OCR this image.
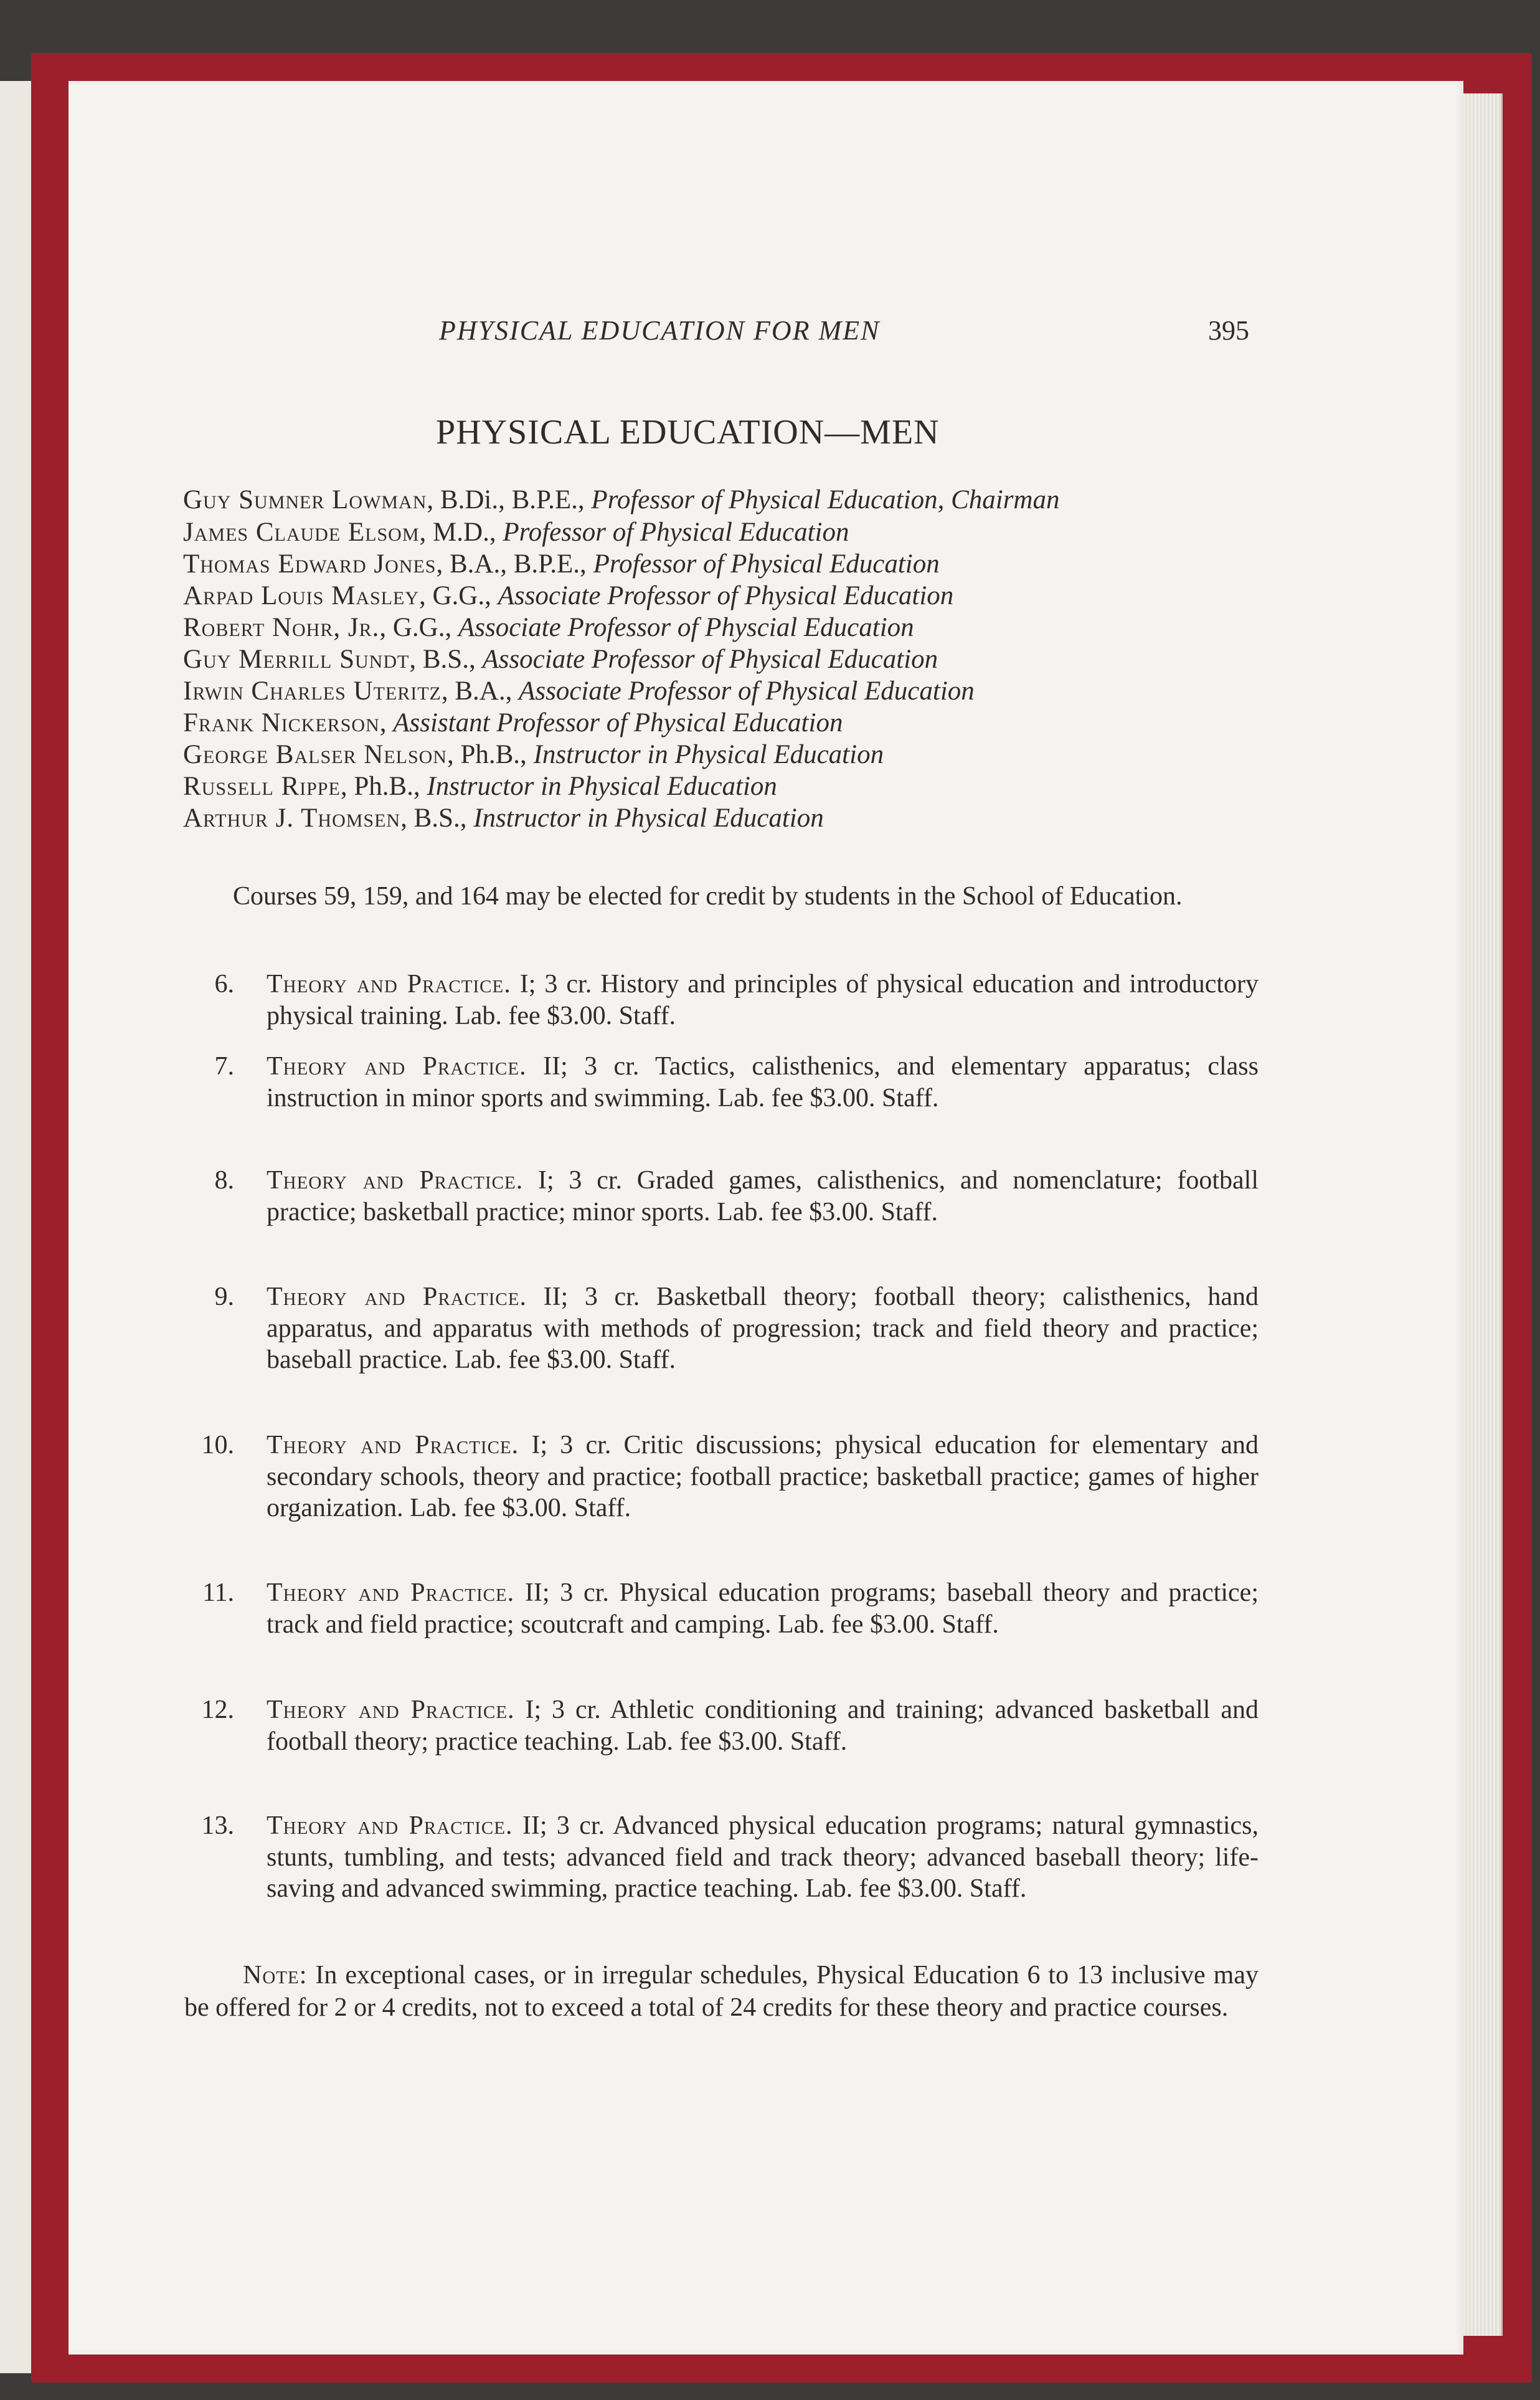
PHYSICAL EDUCATION FOR MEN	395

PHYSICAL EDUCATION—MEN

Guy Sumner Lowman, B.Di., B.P.E., Professor of Physical Education, Chairman

James Claude Elsom, M.D., Professor of Physical Education

Thomas Edward Jones, B.A., B.P.E., Professor of Physical Education

Arpad Louis Masley, G.G., Associate Professor of Physical Education

Robert Nohr, Jr., G.G., Associate Professor of Physcial Education

Guy Merrill Sundt, B.S., Associate Professor of Physical Education

Irwin Charles Uteritz, B.A., Associate Professor of Physical Education

Frank Nickerson, Assistant Professor of Physical Education

George Balser Nelson, Ph.B., Instructor in Physical Education

Russell Rippe, Ph.B., Instructor in Physical Education

Arthur J. Thomsen, B.S., Instructor in Physical Education

Courses 59, 159, and 164 may be elected for credit by students in the School of Education.

6. Theory and Practice. I; 3 cr. History and principles of physical education and introductory physical training. Lab. fee $3.00. Staff.
7. Theory and Practice. II; 3 cr. Tactics, calisthenics, and elementary apparatus; class instruction in minor sports and swimming. Lab. fee $3.00. Staff.
8. Theory and Practice. I; 3 cr. Graded games, calisthenics, and nomenclature; football practice; basketball practice; minor sports. Lab. fee $3.00. Staff.
9. Theory and Practice. II; 3 cr. Basketball theory; football theory; calisthenics, hand apparatus, and apparatus with methods of progression; track and field theory and practice; baseball practice. Lab. fee $3.00. Staff.
10. Theory and Practice. I; 3 cr. Critic discussions; physical education for elementary and secondary schools, theory and practice; football practice; basketball practice; games of higher organization. Lab. fee $3.00. Staff.
11. Theory and Practice. II; 3 cr. Physical education programs; baseball theory and practice; track and field practice; scoutcraft and camping. Lab. fee $3.00. Staff.
12. Theory and Practice. I; 3 cr. Athletic conditioning and training; advanced basketball and football theory; practice teaching. Lab. fee $3.00. Staff.
13. Theory and Practice. II; 3 cr. Advanced physical education programs; natural gymnastics, stunts, tumbling, and tests; advanced field and track theory; advanced baseball theory; life-saving and advanced swimming, practice teaching. Lab. fee $3.00. Staff.

Note: In exceptional cases, or in irregular schedules, Physical Education 6 to 13 inclusive may be offered for 2 or 4 credits, not to exceed a total of 24 credits for these theory and practice courses.
